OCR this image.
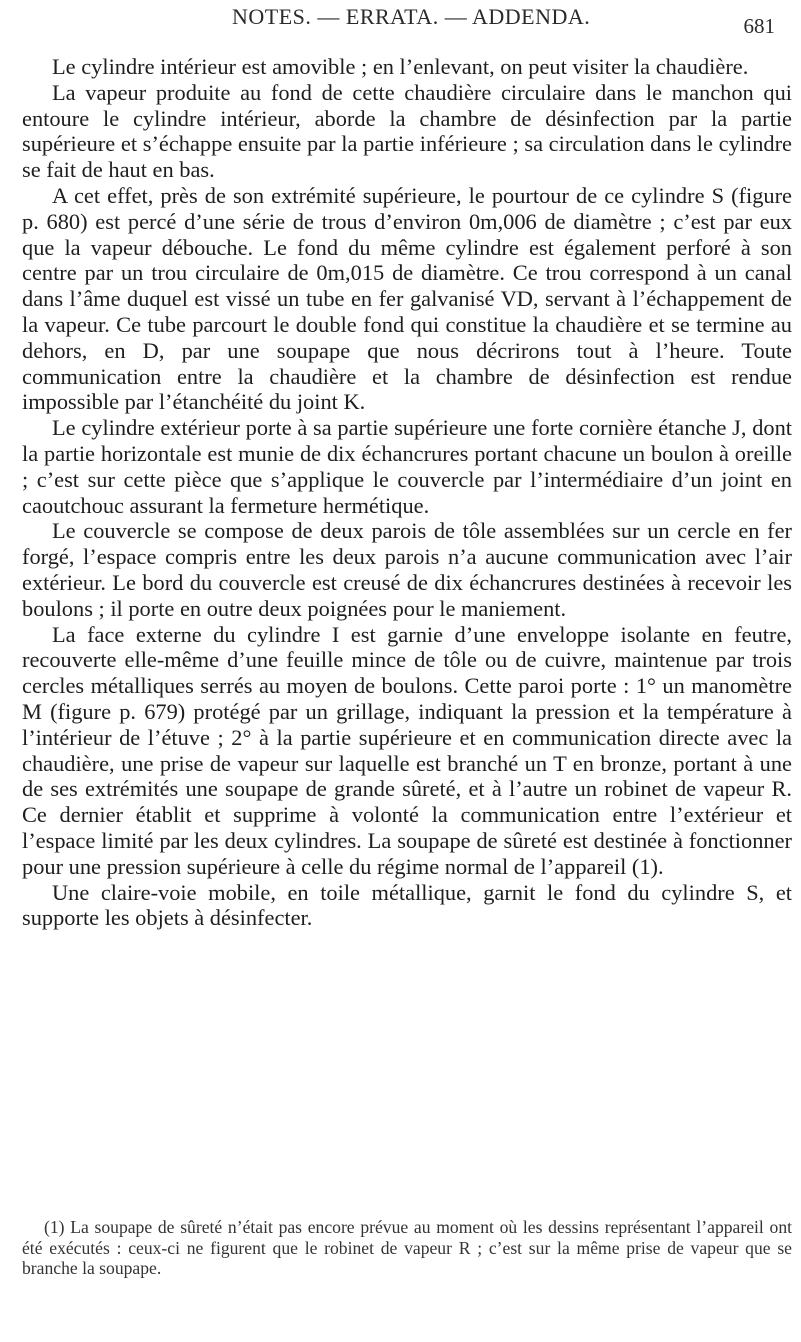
NOTES. — ERRATA. — ADDENDA.	681

Le cylindre intérieur est amovible ; en l’enlevant, on peut visiter la chaudière.

La vapeur produite au fond de cette chaudière circulaire dans le manchon qui entoure le cylindre intérieur, aborde la chambre de désinfection par la partie supérieure et s’échappe ensuite par la partie inférieure ; sa circulation dans le cylindre se fait de haut en bas.

A cet effet, près de son extrémité supérieure, le pourtour de ce cylindre S (figure p. 680) est percé d’une série de trous d’environ 0m,006 de diamètre ; c’est par eux que la vapeur débouche. Le fond du même cylindre est également perforé à son centre par un trou circulaire de 0m,015 de diamètre. Ce trou correspond à un canal dans l’âme duquel est vissé un tube en fer galvanisé VD, servant à l’échappement de la vapeur. Ce tube parcourt le double fond qui constitue la chaudière et se termine au dehors, en D, par une soupape que nous décrirons tout à l’heure. Toute communication entre la chaudière et la chambre de désinfection est rendue impossible par l’étanchéité du joint K.

Le cylindre extérieur porte à sa partie supérieure une forte cornière étanche J, dont la partie horizontale est munie de dix échancrures portant chacune un boulon à oreille ; c’est sur cette pièce que s’applique le couvercle par l’intermédiaire d’un joint en caoutchouc assurant la fermeture hermétique.

Le couvercle se compose de deux parois de tôle assemblées sur un cercle en fer forgé, l’espace compris entre les deux parois n’a aucune communication avec l’air extérieur. Le bord du couvercle est creusé de dix échancrures destinées à recevoir les boulons ; il porte en outre deux poignées pour le maniement.

La face externe du cylindre I est garnie d’une enveloppe isolante en feutre, recouverte elle-même d’une feuille mince de tôle ou de cuivre, maintenue par trois cercles métalliques serrés au moyen de boulons. Cette paroi porte : 1° un manomètre M (figure p. 679) protégé par un grillage, indiquant la pression et la température à l’intérieur de l’étuve ; 2° à la partie supérieure et en communication directe avec la chaudière, une prise de vapeur sur laquelle est branché un T en bronze, portant à une de ses extrémités une soupape de grande sûreté, et à l’autre un robinet de vapeur R. Ce dernier établit et supprime à volonté la communication entre l’extérieur et l’espace limité par les deux cylindres. La soupape de sûreté est destinée à fonctionner pour une pression supérieure à celle du régime normal de l’appareil (1).

Une claire-voie mobile, en toile métallique, garnit le fond du cylindre S, et supporte les objets à désinfecter.

(1) La soupape de sûreté n’était pas encore prévue au moment où les dessins représentant l’appareil ont été exécutés : ceux-ci ne figurent que le robinet de vapeur R ; c’est sur la même prise de vapeur que se branche la soupape.
